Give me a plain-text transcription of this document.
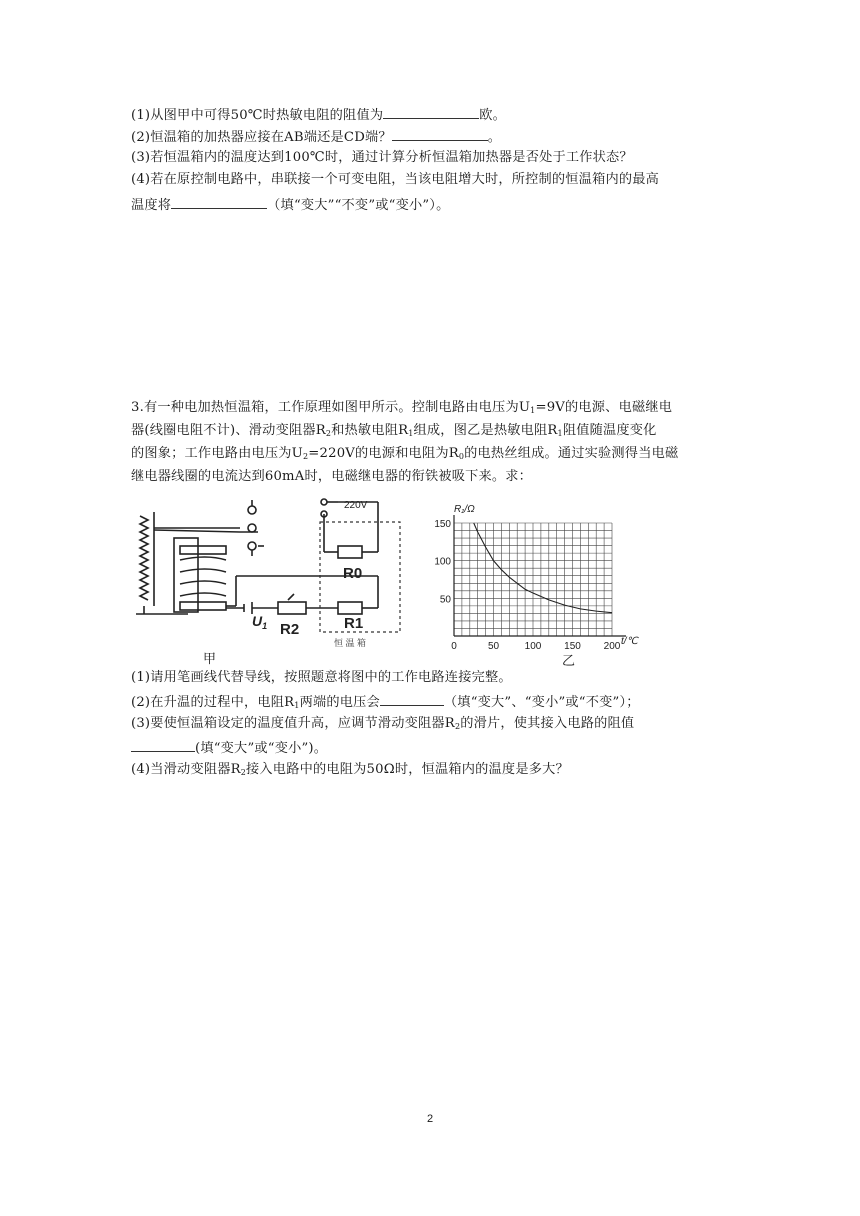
(1)从图甲中可得50℃时热敏电阻的阻值为	欧。
(2)恒温箱的加热器应接在AB端还是CD端？	。
(3)若恒温箱内的温度达到100℃时，通过计算分析恒温箱加热器是否处于工作状态？
(4)若在原控制电路中，串联接一个可变电阻，当该电阻增大时，所控制的恒温箱内的最高
温度将	（填“变大”“不变”或“变小”）。
3.有一种电加热恒温箱，工作原理如图甲所示。控制电路由电压为$U_1=9V$的电源、电磁继电
器(线圈电阻不计)、滑动变阻器$R_2$和热敏电阻$R_1$组成，图乙是热敏电阻$R_1$阻值随温度变化
的图象；工作电路由电压为$U_2=220V$的电源和电阻为$R_0$的电热丝组成。通过实验测得当电磁
继电器线圈的电流达到60mA时，电磁继电器的衔铁被吸下来。求：
220V
R0
R1
R2
$U_1$
恒 温 箱
甲
0	50	100 150 200
50
100
150
R₁/Ω
t/℃
乙
(1)请用笔画线代替导线，按照题意将图中的工作电路连接完整。
(2)在升温的过程中，电阻$R_1$两端的电压会	（填“变大”、“变小”或“不变”）；
(3)要使恒温箱设定的温度值升高，应调节滑动变阻器$R_2$的滑片，使其接入电路的阻值
(填“变大”或“变小”)。
(4)当滑动变阻器$R_2$接入电路中的电阻为50Ω时，恒温箱内的温度是多大？
2
